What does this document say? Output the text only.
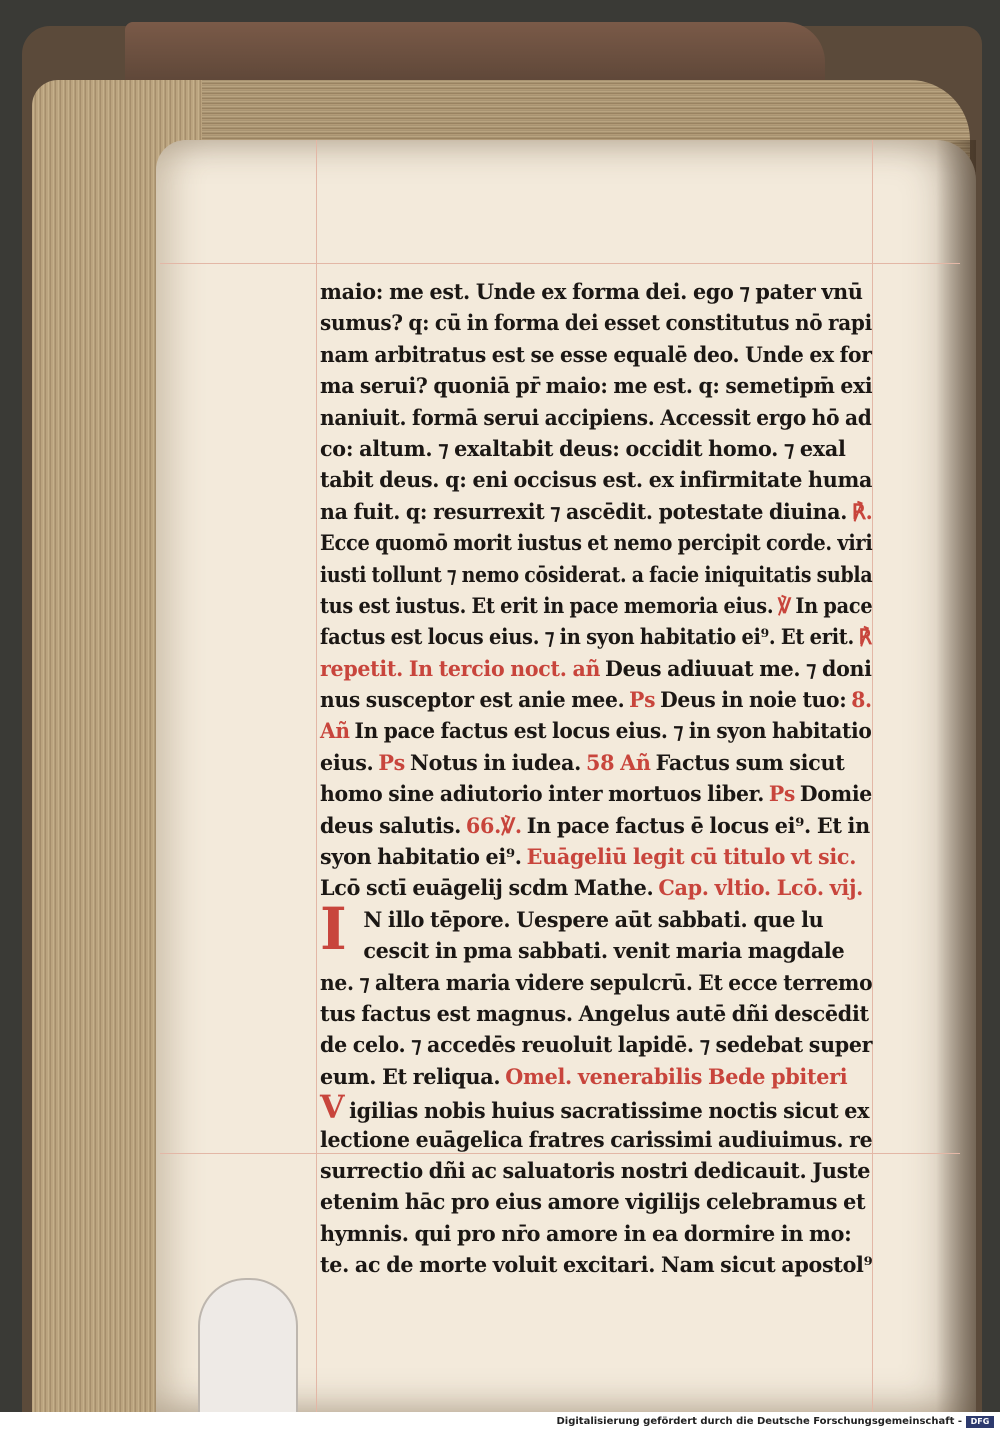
maio: me est. Unde ex forma dei. ego ⁊ pater vnū
sumus? q: cū in forma dei esset constitutus nō rapi
nam arbitratus est se esse equalē deo. Unde ex for
ma serui? quoniā pr̄ maio: me est. q: semetipm̄ exi
naniuit. formā serui accipiens. Accessit ergo hō ad
co: altum. ⁊ exaltabit deus: occidit homo. ⁊ exal
tabit deus. q: eni occisus est. ex infirmitate huma
na fuit. q: resurrexit ⁊ ascēdit. potestate diuina. ℟.
Ecce quomō morit iustus et nemo percipit corde. viri
iusti tollunt ⁊ nemo cōsiderat. a facie iniquitatis subla
tus est iustus. Et erit in pace memoria eius. ℣ In pace
factus est locus eius. ⁊ in syon habitatio ei⁹. Et erit. ℟
repetit. In tercio noct. añ Deus adiuuat me. ⁊ doni
nus susceptor est anie mee. Ps Deus in noie tuo: 8.
Añ In pace factus est locus eius. ⁊ in syon habitatio
eius. Ps Notus in iudea. 58 Añ Factus sum sicut
homo sine adiutorio inter mortuos liber. Ps Domie
deus salutis. 66.℣. In pace factus ē locus ei⁹. Et in
syon habitatio ei⁹. Euāgeliū legit cū titulo vt sic.
Lcō sctī euāgelij scdm Mathe. Cap. vltio. Lcō. vij.
I N illo tēpore. Uespere aūt sabbati. que lu
cescit in pma sabbati. venit maria magdale
ne. ⁊ altera maria videre sepulcrū. Et ecce terremo
tus factus est magnus. Angelus autē dñi descēdit
de celo. ⁊ accedēs reuoluit lapidē. ⁊ sedebat super
eum. Et reliqua. Omel. venerabilis Bede pbiteri
V igilias nobis huius sacratissime noctis sicut ex
lectione euāgelica fratres carissimi audiuimus. re
surrectio dñi ac saluatoris nostri dedicauit. Juste
etenim hāc pro eius amore vigilijs celebramus et
hymnis. qui pro nr̄o amore in ea dormire in mo:
te. ac de morte voluit excitari. Nam sicut apostol⁹
Digitalisierung gefördert durch die Deutsche Forschungsgemeinschaft -	DFG
